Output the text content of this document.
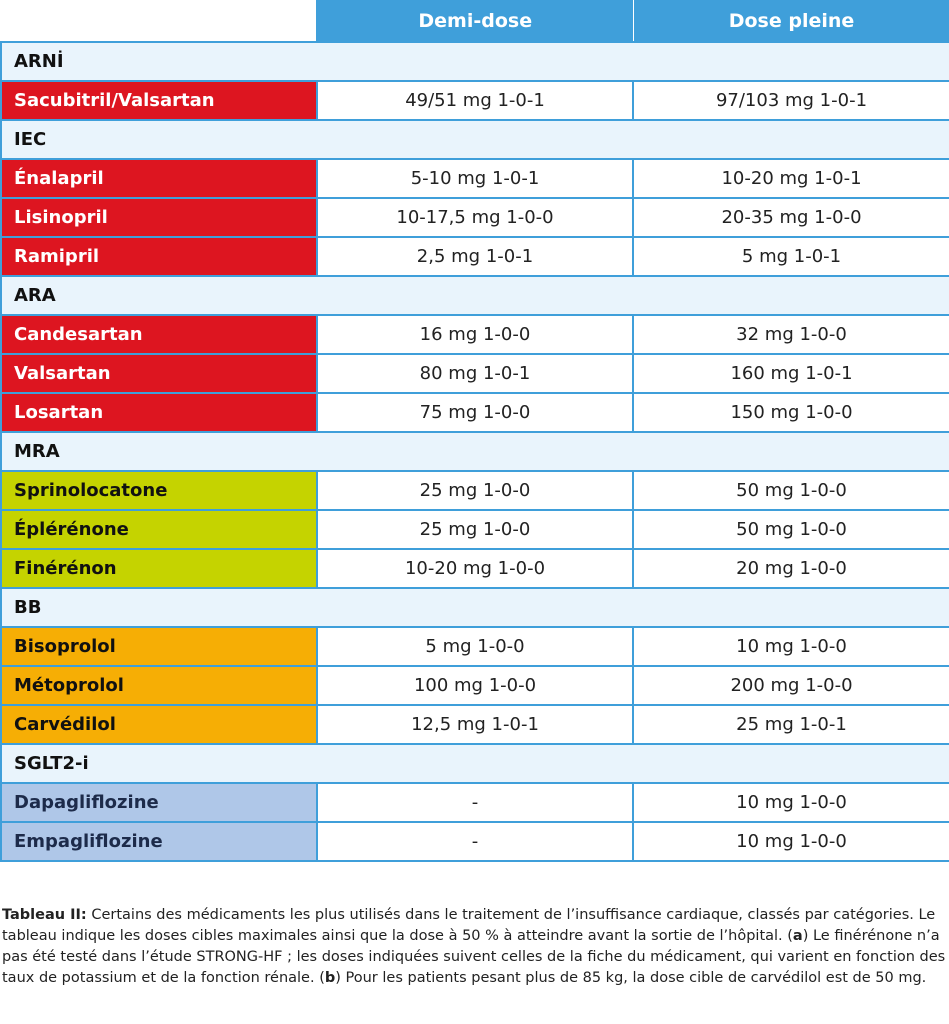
	Demi-dose	Dose pleine
ARNİ		
Sacubitril/Valsartan	49/51 mg 1-0-1	97/103 mg 1-0-1
IEC		
Énalapril	5-10 mg 1-0-1	10-20 mg 1-0-1
Lisinopril	10-17,5 mg 1-0-0	20-35 mg 1-0-0
Ramipril	2,5 mg 1-0-1	5 mg 1-0-1
ARA		
Candesartan	16 mg 1-0-0	32 mg 1-0-0
Valsartan	80 mg 1-0-1	160 mg 1-0-1
Losartan	75 mg 1-0-0	150 mg 1-0-0
MRA		
Sprinolocatone	25 mg 1-0-0	50 mg 1-0-0
Éplérénone	25 mg 1-0-0	50 mg 1-0-0
Finérénon	10-20 mg 1-0-0	20 mg 1-0-0
BB		
Bisoprolol	5 mg 1-0-0	10 mg 1-0-0
Métoprolol	100 mg 1-0-0	200 mg 1-0-0
Carvédilol	12,5 mg 1-0-1	25 mg 1-0-1
SGLT2-i		
Dapagliflozine	-	10 mg 1-0-0
Empagliflozine	-	10 mg 1-0-0
Tableau II: Certains des médicaments les plus utilisés dans le traitement de l’insuffisance cardiaque, classés par catégories. Le tableau indique les doses cibles maximales ainsi que la dose à 50 % à atteindre avant la sortie de l’hôpital. (a) Le finérénone n’a pas été testé dans l’étude STRONG-HF ; les doses indiquées suivent celles de la fiche du médicament, qui varient en fonction des taux de potassium et de la fonction rénale. (b) Pour les patients pesant plus de 85 kg, la dose cible de carvédilol est de 50 mg.
